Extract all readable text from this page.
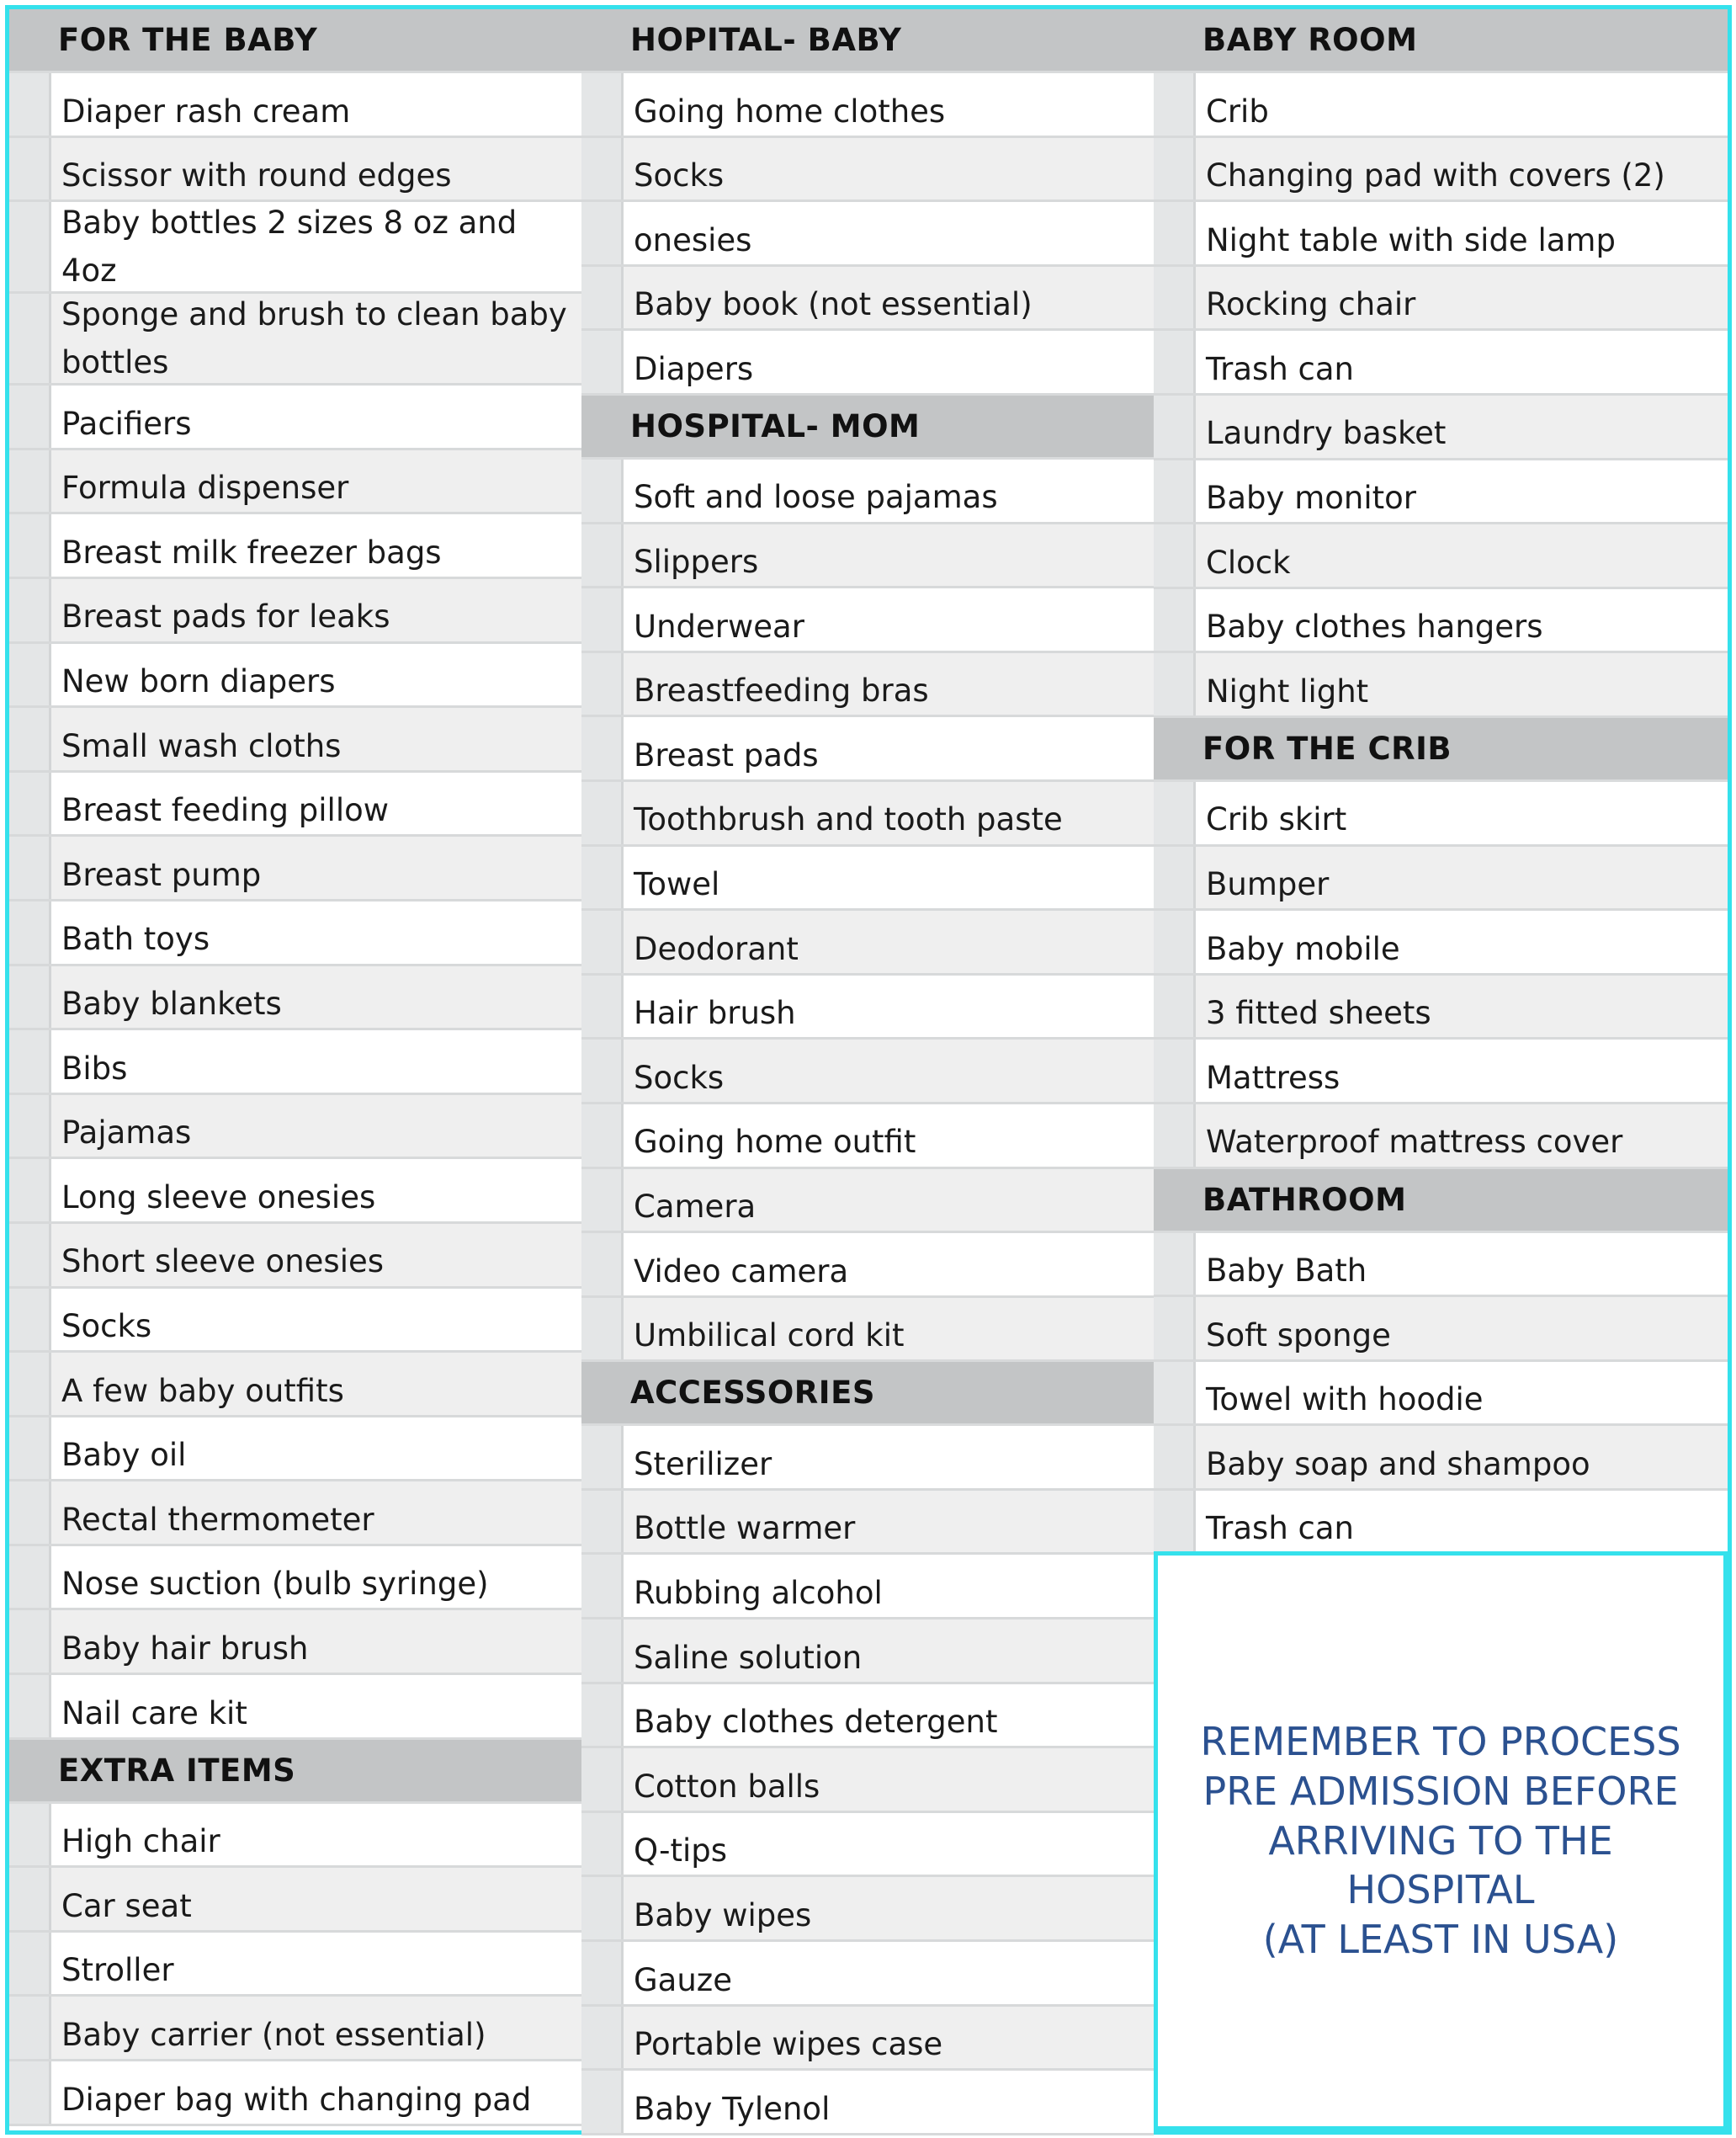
FOR THE BABY
Diaper rash cream
Scissor with round edges
Baby bottles 2 sizes 8 oz and 4oz
Sponge and brush to clean baby bottles
Pacifiers
Formula dispenser
Breast milk freezer bags
Breast pads for leaks
New born diapers
Small wash cloths
Breast feeding pillow
Breast pump
Bath toys
Baby blankets
Bibs
Pajamas
Long sleeve onesies
Short sleeve onesies
Socks
A few baby outfits
Baby oil
Rectal thermometer
Nose suction (bulb syringe)
Baby hair brush
Nail care kit
EXTRA ITEMS
High chair
Car seat
Stroller
Baby carrier (not essential)
Diaper bag with changing pad
HOPITAL- BABY
Going home clothes
Socks
onesies
Baby book (not essential)
Diapers
HOSPITAL- MOM
Soft and loose pajamas
Slippers
Underwear
Breastfeeding bras
Breast pads
Toothbrush and tooth paste
Towel
Deodorant
Hair brush
Socks
Going home outfit
Camera
Video camera
Umbilical cord kit
ACCESSORIES
Sterilizer
Bottle warmer
Rubbing alcohol
Saline solution
Baby clothes detergent
Cotton balls
Q-tips
Baby wipes
Gauze
Portable wipes case
Baby Tylenol
BABY ROOM
Crib
Changing pad with covers (2)
Night table with side lamp
Rocking chair
Trash can
Laundry basket
Baby monitor
Clock
Baby clothes hangers
Night light
FOR THE CRIB
Crib skirt
Bumper
Baby mobile
3 fitted sheets
Mattress
Waterproof mattress cover
BATHROOM
Baby Bath
Soft sponge
Towel with hoodie
Baby soap and shampoo
Trash can
REMEMBER TO PROCESS
PRE ADMISSION BEFORE
ARRIVING TO THE
HOSPITAL
(AT LEAST IN USA)
